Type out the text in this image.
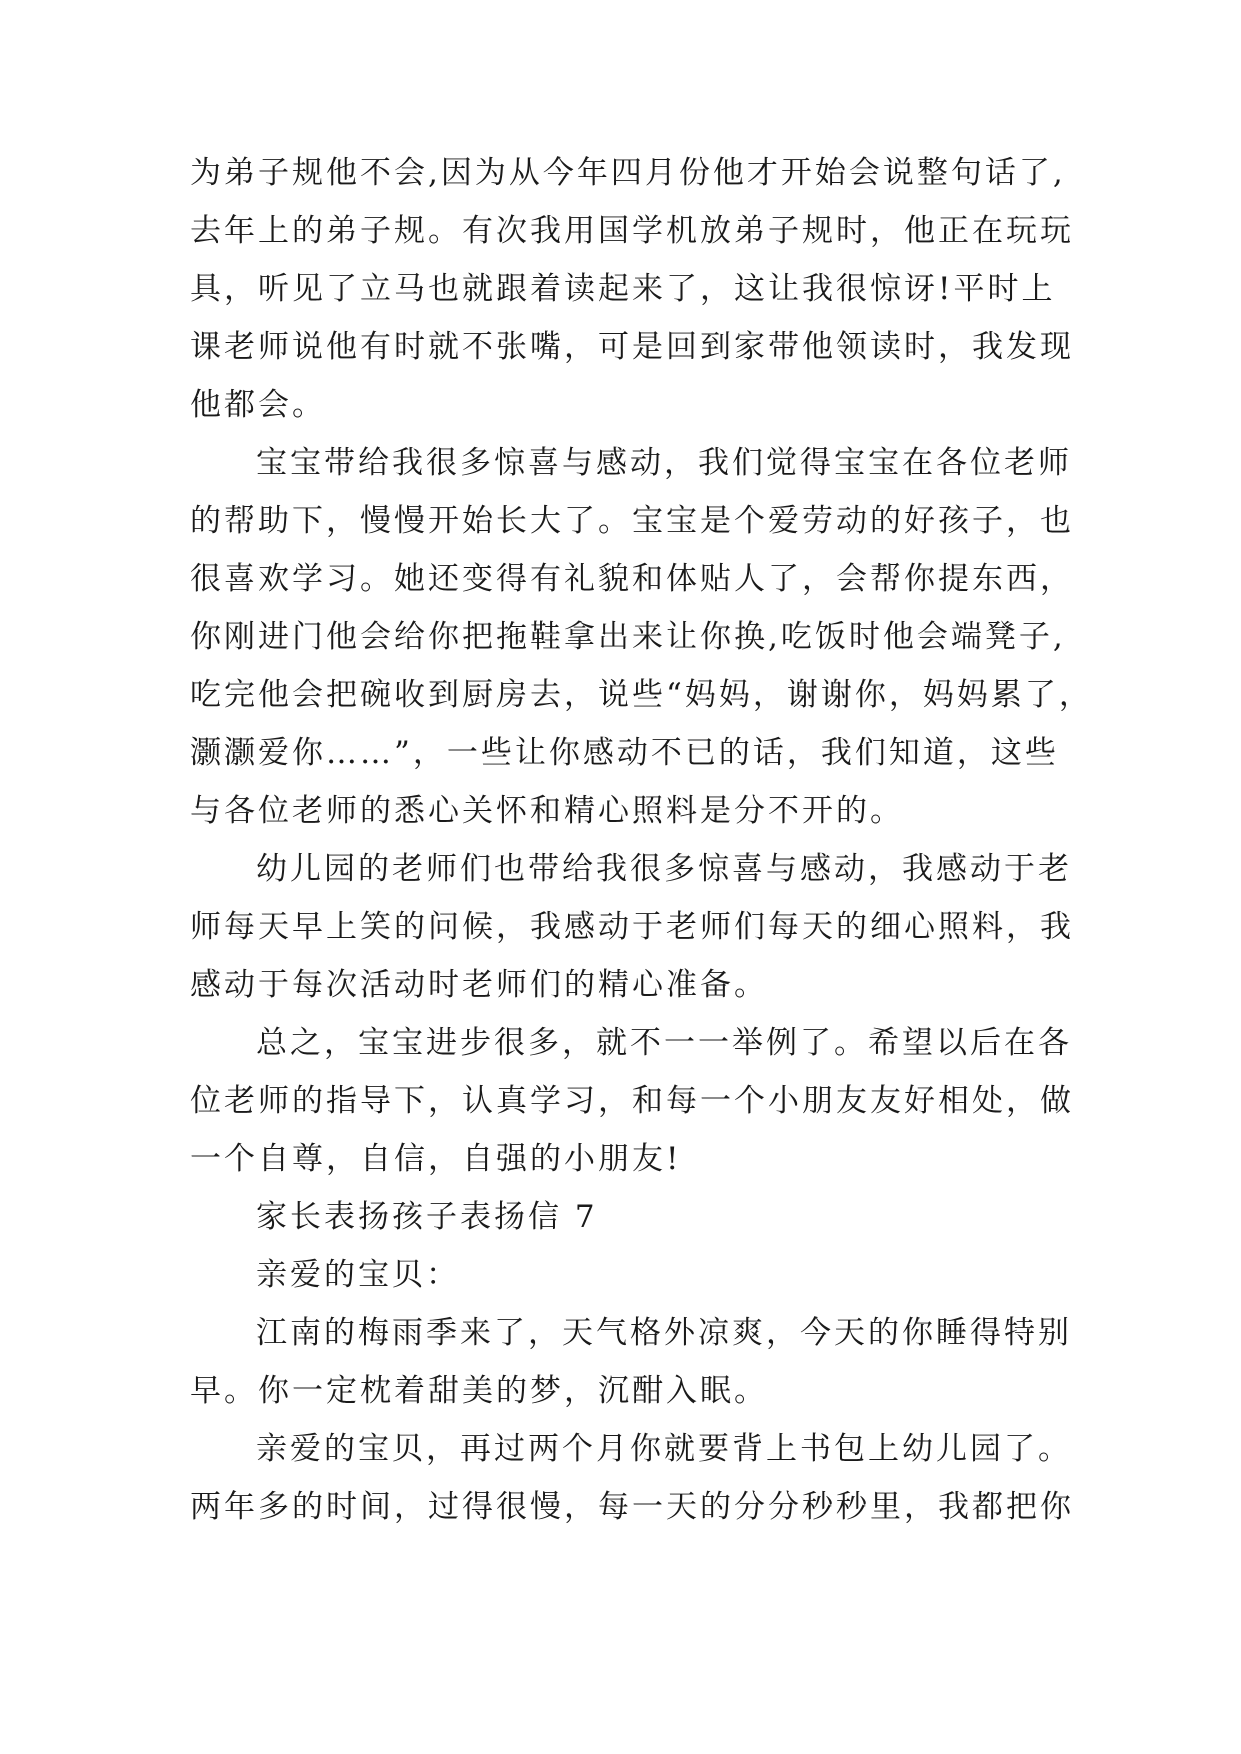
为弟子规他不会,因为从今年四月份他才开始会说整句话了,
去年上的弟子规。有次我用国学机放弟子规时，他正在玩玩
具，听见了立马也就跟着读起来了，这让我很惊讶!平时上
课老师说他有时就不张嘴，可是回到家带他领读时，我发现
他都会。
宝宝带给我很多惊喜与感动，我们觉得宝宝在各位老师
的帮助下，慢慢开始长大了。宝宝是个爱劳动的好孩子，也
很喜欢学习。她还变得有礼貌和体贴人了，会帮你提东西，
你刚进门他会给你把拖鞋拿出来让你换,吃饭时他会端凳子,
吃完他会把碗收到厨房去，说些“妈妈，谢谢你，妈妈累了，
灏灏爱你……”，一些让你感动不已的话，我们知道，这些
与各位老师的悉心关怀和精心照料是分不开的。
幼儿园的老师们也带给我很多惊喜与感动，我感动于老
师每天早上笑的问候，我感动于老师们每天的细心照料，我
感动于每次活动时老师们的精心准备。
总之，宝宝进步很多，就不一一举例了。希望以后在各
位老师的指导下，认真学习，和每一个小朋友友好相处，做
一个自尊，自信，自强的小朋友!
家长表扬孩子表扬信 7
亲爱的宝贝：
江南的梅雨季来了，天气格外凉爽，今天的你睡得特别
早。你一定枕着甜美的梦，沉酣入眠。
亲爱的宝贝，再过两个月你就要背上书包上幼儿园了。
两年多的时间，过得很慢，每一天的分分秒秒里，我都把你
